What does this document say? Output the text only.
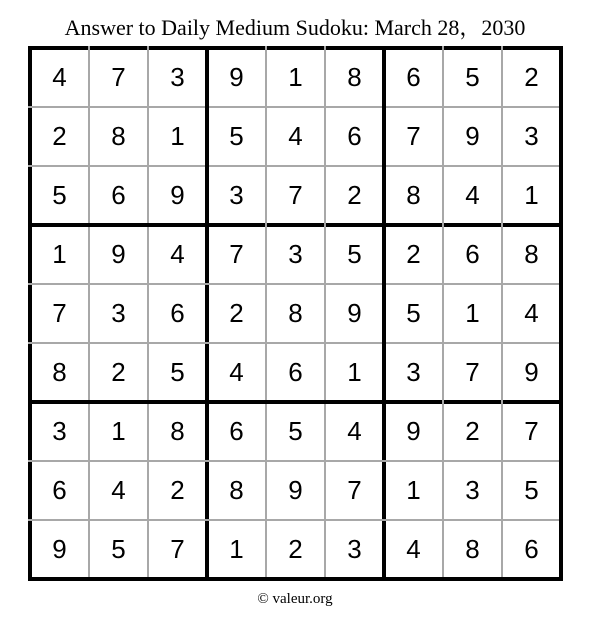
Answer to Daily Medium Sudoku: March 28，2030
4	7	3	9	1	8	6	5	2
2	8	1	5	4	6	7	9	3
5	6	9	3	7	2	8	4	1
1	9	4	7	3	5	2	6	8
7	3	6	2	8	9	5	1	4
8	2	5	4	6	1	3	7	9
3	1	8	6	5	4	9	2	7
6	4	2	8	9	7	1	3	5
9	5	7	1	2	3	4	8	6
© valeur.org
